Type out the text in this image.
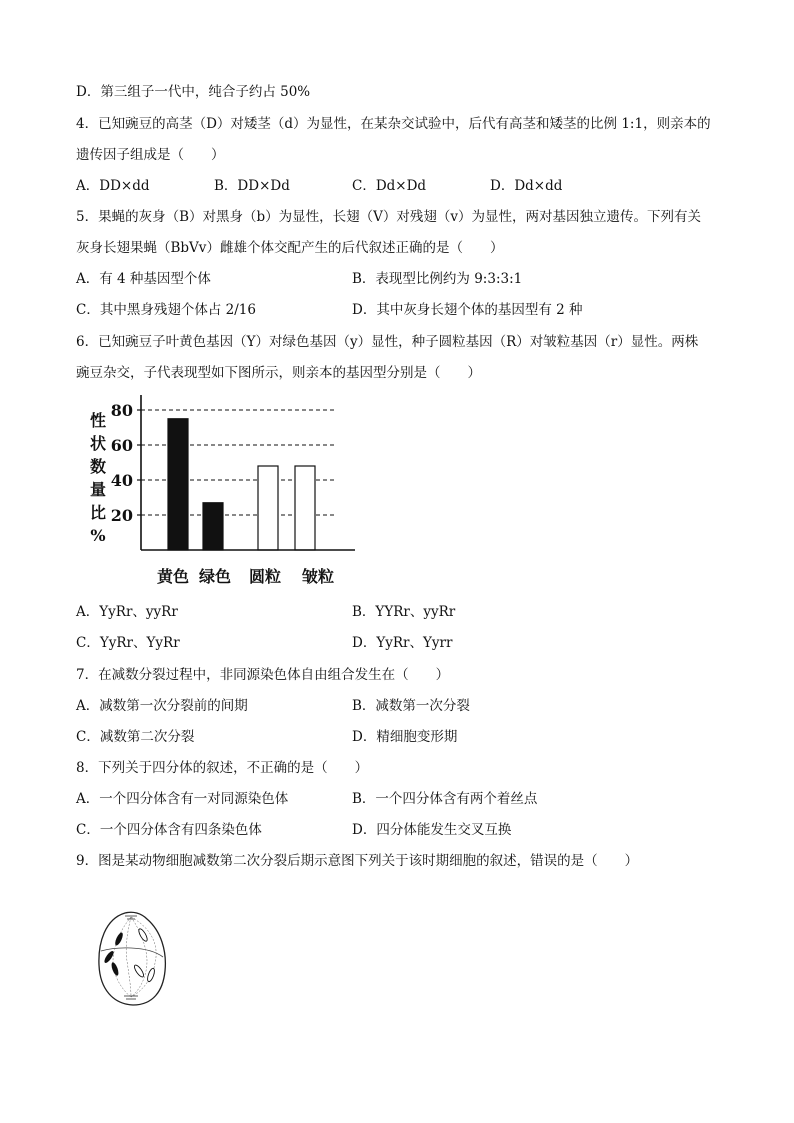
D．第三组子一代中，纯合子约占 50%
4．已知豌豆的高茎（D）对矮茎（d）为显性，在某杂交试验中，后代有高茎和矮茎的比例 1:1，则亲本的
遗传因子组成是（　　）
A．DD×dd	B．DD×Dd	C．Dd×Dd	D．Dd×dd
5．果蝇的灰身（B）对黑身（b）为显性，长翅（V）对残翅（v）为显性，两对基因独立遗传。下列有关
灰身长翅果蝇（BbVv）雌雄个体交配产生的后代叙述正确的是（　　）
A．有 4 种基因型个体	B．表现型比例约为 9:3:3:1
C．其中黑身残翅个体占 2/16	D．其中灰身长翅个体的基因型有 2 种
6．已知豌豆子叶黄色基因（Y）对绿色基因（y）显性，种子圆粒基因（R）对皱粒基因（r）显性。两株
豌豆杂交，子代表现型如下图所示，则亲本的基因型分别是（　　）
20
40
60
80
性
状
数
量
比
%
黄色 绿色 圆粒 皱粒
A．YyRr、yyRr	B．YYRr、yyRr
C．YyRr、YyRr	D．YyRr、Yyrr
7．在减数分裂过程中，非同源染色体自由组合发生在（　　）
A．减数第一次分裂前的间期	B．减数第一次分裂
C．减数第二次分裂	D．精细胞变形期
8．下列关于四分体的叙述，不正确的是（　　）
A．一个四分体含有一对同源染色体	B．一个四分体含有两个着丝点
C．一个四分体含有四条染色体	D．四分体能发生交叉互换
9．图是某动物细胞减数第二次分裂后期示意图下列关于该时期细胞的叙述，错误的是（　　）
